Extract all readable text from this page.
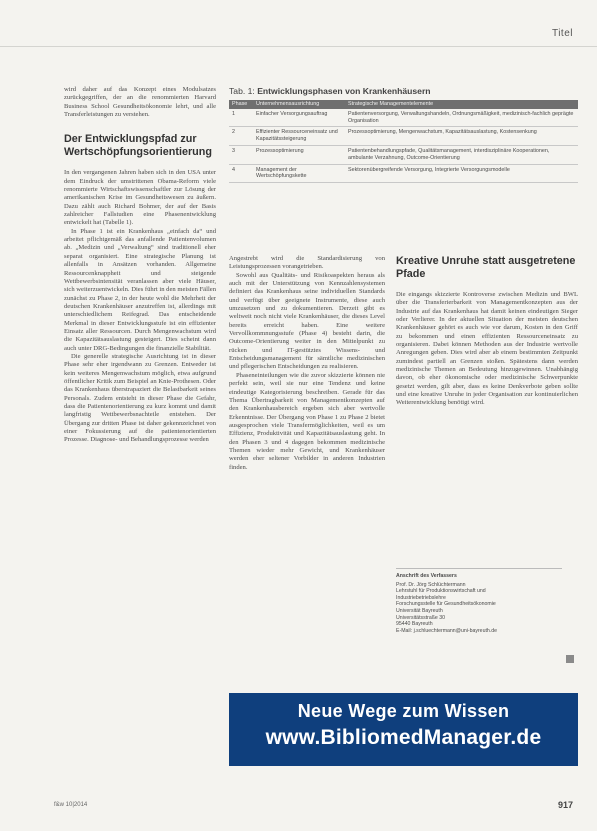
Titel

wird daher auf das Konzept eines Modulsatzes zurückgegriffen, der an die renommierten Harvard Business School Gesundheitsökonomie lehrt, und alle Transferleistungen zu verstehen.

Der Entwicklungspfad zur Wertschöpfungsorientierung

In den vergangenen Jahren haben sich in den USA unter dem Eindruck der umstrittenen Obama-Reform viele renommierte Wirtschaftswissenschaftler zur Lösung der amerikanischen Krise im Gesundheitswesen zu äußern. Dazu zählt auch Richard Bohmer, der auf der Basis zahlreicher Fallstudien eine Phasenentwicklung entwickelt hat (Tabelle 1).

In Phase 1 ist ein Krankenhaus „einfach da“ und arbeitet pflichtgemäß das anfallende Patientenvolumen ab. „Medizin und „Verwaltung“ sind traditionell eher separat organisiert. Eine strategische Planung ist allenfalls in Ansätzen vorhanden. Allgemeine Ressourcenknappheit und steigende Wettbewerbsintensität veranlassen aber viele Häuser, sich weiterzuentwickeln. Dies führt in den meisten Fällen zunächst zu Phase 2, in der heute wohl die Mehrheit der deutschen Krankenhäuser anzutreffen ist, allerdings mit unterschiedlichem Reifegrad. Das entscheidende Merkmal in dieser Entwicklungsstufe ist ein effizienter Einsatz aller Ressourcen. Durch Mengenwachstum wird die Kapazitätsauslastung gesteigert. Dies scheint dann auch unter DRG-Bedingungen die finanzielle Stabilität.

Die generelle strategische Ausrichtung ist in dieser Phase sehr eher irgendwann zu Grenzen. Entweder ist kein weiteres Mengenwachstum möglich, etwa aufgrund öffentlicher Kritik zum Beispiel an Knie-Prothesen. Oder das Krankenhaus überstrapaziert die Belastbarkeit seines Personals. Zudem entsteht in dieser Phase die Gefahr, dass die Patientenorientierung zu kurz kommt und damit langfristig Wettbewerbsnachteile entstehen. Der Übergang zur dritten Phase ist daher gekennzeichnet von einer Fokussierung auf die patientenorientierten Prozesse. Diagnose- und Behandlungsprozesse werden

Tab. 1: Entwicklungsphasen von Krankenhäusern
Phase	Unternehmensausrichtung	Strategische Managementelemente
1	Einfacher Versorgungsauftrag	Patientenversorgung, Verwaltungshandeln, Ordnungsmäßigkeit, medizinisch-fachlich geprägte Organisation
2	Effizienter Ressourceneinsatz und Kapazitätssteigerung	Prozessoptimierung, Mengenwachstum, Kapazitätsauslastung, Kostensenkung
3	Prozessoptimierung	Patientenbehandlungspfade, Qualitätsmanagement, interdisziplinäre Kooperationen, ambulante Verzahnung, Outcome-Orientierung
4	Management der Wertschöpfungskette	Sektorenübergreifende Versorgung, Integrierte Versorgungsmodelle

Angestrebt wird die Standardisierung von Leistungsprozessen vorangetrieben.

Sowohl aus Qualitäts- und Risikoaspekten heraus als auch mit der Unterstützung von Kennzahlensystemen definiert das Krankenhaus seine individuellen Standards und verfügt über geeignete Instrumente, diese auch umzusetzen und zu dokumentieren. Derzeit gibt es weltweit noch nicht viele Krankenhäuser, die dieses Level bereits erreicht haben. Eine weitere Vervollkommnungsstufe (Phase 4) besteht darin, die Outcome-Orientierung weiter in den Mittelpunkt zu rücken und IT-gestütztes Wissens- und Entscheidungsmanagement für sämtliche medizinischen und pflegerischen Entscheidungen zu realisieren.

Phaseneinteilungen wie die zuvor skizzierte können nie perfekt sein, weil sie nur eine Tendenz und keine eindeutige Kategorisierung beschreiben. Gerade für das Thema Übertragbarkeit von Managementkonzepten auf den Krankenhausbereich ergeben sich aber wertvolle Erkenntnisse. Der Übergang von Phase 1 zu Phase 2 bietet ausgesprochen viele Transfermöglichkeiten, weil es um Effizienz, Produktivität und Kapazitätsauslastung geht. In den Phasen 3 und 4 dagegen bekommen medizinische Themen wieder mehr Gewicht, und Krankenhäuser werden eher seltener Vorbilder in anderen Industrien finden.

Kreative Unruhe statt ausgetretene Pfade

Die eingangs skizzierte Kontroverse zwischen Medizin und BWL über die Transferierbarkeit von Managementkonzepten aus der Industrie auf das Krankenhaus hat damit keinen eindeutigen Sieger oder Verlierer. In der aktuellen Situation der meisten deutschen Krankenhäuser gehört es auch wie vor darum, Kosten in den Griff zu bekommen und einen effizienten Ressourceneinsatz zu organisieren. Dabei können Methoden aus der Industrie wertvolle Anregungen geben. Dies wird aber ab einem bestimmten Zeitpunkt zumindest partiell an Grenzen stoßen. Spätestens dann werden medizinische Themen an Bedeutung hinzugewinnen. Unabhängig davon, ob eher ökonomische oder medizinische Schwerpunkte gesetzt werden, gilt aber, dass es keine Denkverbote geben sollte und eine kreative Unruhe in jeder Organisation zur kontinuierlichen Weiterentwicklung benötigt wird.

Anschrift des Verfassers
Prof. Dr. Jörg Schlüchtermann
Lehrstuhl für Produktionswirtschaft und
Industriebetriebslehre
Forschungsstelle für Gesundheitsökonomie
Universität Bayreuth
Universitätsstraße 30
95440 Bayreuth
E-Mail: j.schluechtermann@uni-bayreuth.de
Neue Wege zum Wissen
www.BibliomedManager.de
f&w 10|2014	917
